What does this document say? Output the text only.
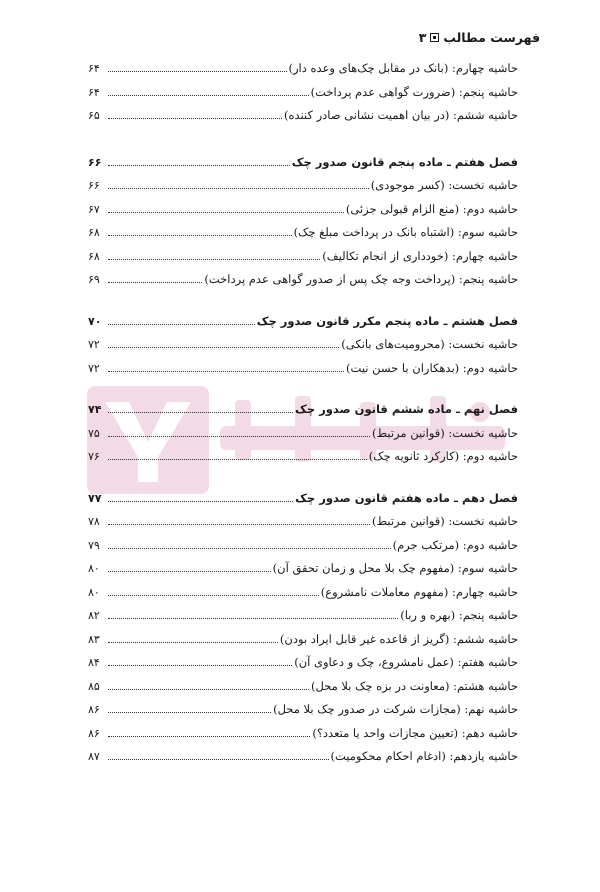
فهرست مطالب
۳
حاشیه چهارم: (بانک در مقابل چک‌های وعده دار)
۶۴
حاشیه پنجم: (ضرورت گواهی عدم پرداخت)
۶۴
حاشیه ششم: (در بیان اهمیت نشانی صادر کننده)
۶۵
فصل هفتم ـ ماده پنجم قانون صدور چک
۶۶
حاشیه نخست: (کسر موجودی)
۶۶
حاشیه دوم: (منع الزام قبولی جزئی)
۶۷
حاشیه سوم: (اشتباه بانک در پرداخت مبلغ چک)
۶۸
حاشیه چهارم: (خودداری از انجام تکالیف)
۶۸
حاشیه پنجم: (پرداخت وجه چک پس از صدور گواهی عدم پرداخت)
۶۹
فصل هشتم ـ ماده پنجم مکرر قانون صدور چک
۷۰
حاشیه نخست: (محرومیت‌های بانکی)
۷۲
حاشیه دوم: (بدهکاران با حسن نیت)
۷۲
فصل نهم ـ ماده ششم قانون صدور چک
۷۴
حاشیه نخست: (قوانین مرتبط)
۷۵
حاشیه دوم: (کارکرد ثانویه چک)
۷۶
فصل دهم ـ ماده هفتم قانون صدور چک
۷۷
حاشیه نخست: (قوانین مرتبط)
۷۸
حاشیه دوم: (مرتکب جرم)
۷۹
حاشیه سوم: (مفهوم چک بلا محل و زمان تحقق آن)
۸۰
حاشیه چهارم: (مفهوم معاملات نامشروع)
۸۰
حاشیه پنجم: (بهره و ربا)
۸۲
حاشیه ششم: (گریز از قاعده غیر قابل ایراد بودن)
۸۳
حاشیه هفتم: (عمل نامشروع، چک و دعاوی آن)
۸۴
حاشیه هشتم: (معاونت در بزه چک بلا محل)
۸۵
حاشیه نهم: (مجازات شرکت در صدور چک بلا محل)
۸۶
حاشیه دهم: (تعیین مجازات واحد یا متعدد؟)
۸۶
حاشیه یازدهم: (ادغام احکام محکومیت)
۸۷
